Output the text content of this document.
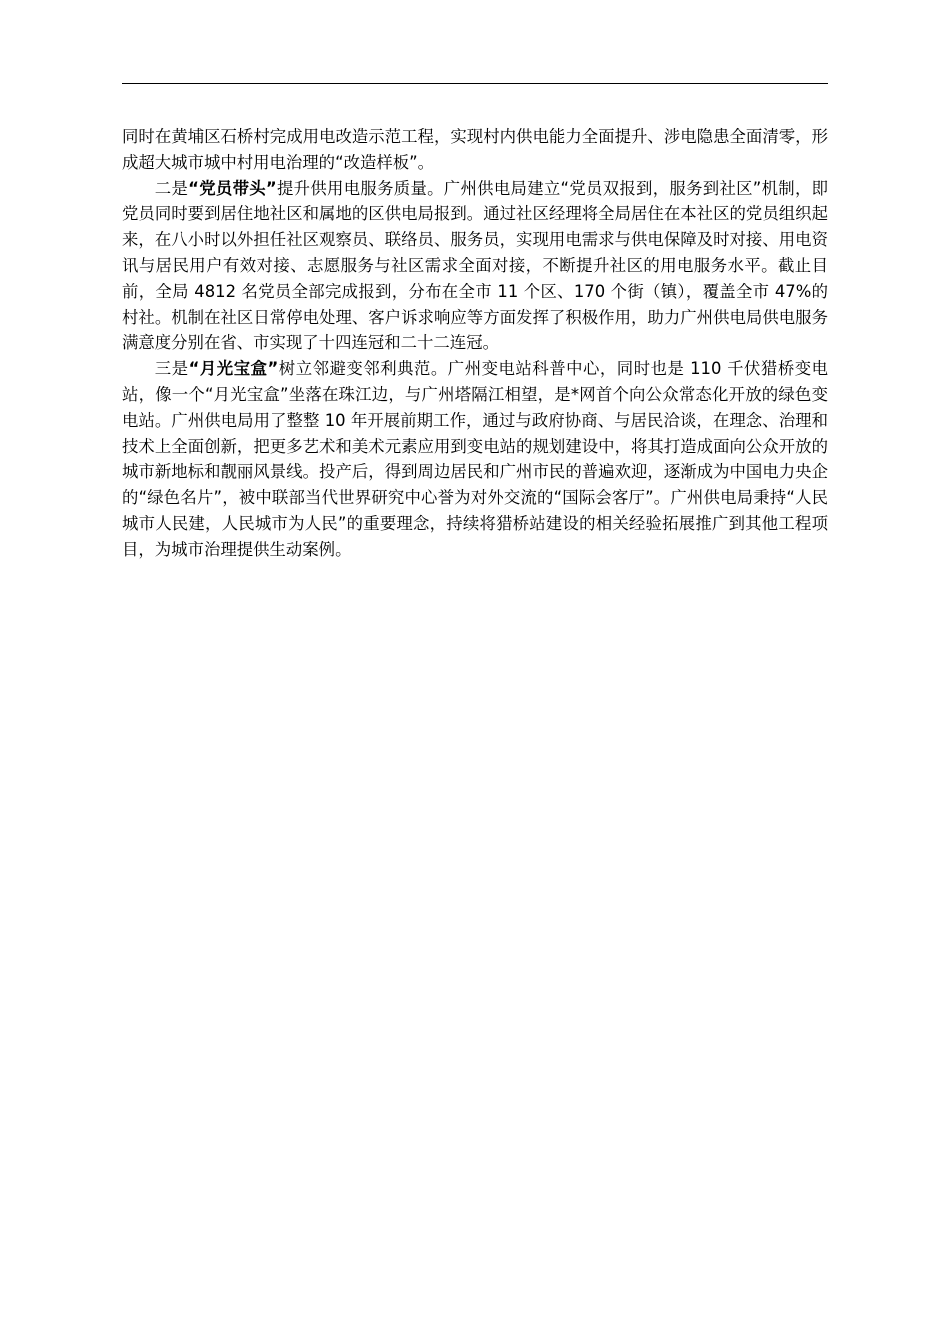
同时在黄埔区石桥村完成用电改造示范工程，实现村内供电能力全面提升、涉电隐患全面清零，形成超大城市城中村用电治理的“改造样板”。

二是“党员带头”提升供用电服务质量。广州供电局建立“党员双报到，服务到社区”机制，即党员同时要到居住地社区和属地的区供电局报到。通过社区经理将全局居住在本社区的党员组织起来，在八小时以外担任社区观察员、联络员、服务员，实现用电需求与供电保障及时对接、用电资讯与居民用户有效对接、志愿服务与社区需求全面对接，不断提升社区的用电服务水平。截止目前，全局 4812 名党员全部完成报到，分布在全市 11 个区、170 个街（镇），覆盖全市 47%的村社。机制在社区日常停电处理、客户诉求响应等方面发挥了积极作用，助力广州供电局供电服务满意度分别在省、市实现了十四连冠和二十二连冠。

三是“月光宝盒”树立邻避变邻利典范。广州变电站科普中心，同时也是 110 千伏猎桥变电站，像一个“月光宝盒”坐落在珠江边，与广州塔隔江相望，是*网首个向公众常态化开放的绿色变电站。广州供电局用了整整 10 年开展前期工作，通过与政府协商、与居民洽谈，在理念、治理和技术上全面创新，把更多艺术和美术元素应用到变电站的规划建设中，将其打造成面向公众开放的城市新地标和靓丽风景线。投产后，得到周边居民和广州市民的普遍欢迎，逐渐成为中国电力央企的“绿色名片”，被中联部当代世界研究中心誉为对外交流的“国际会客厅”。广州供电局秉持“人民城市人民建，人民城市为人民”的重要理念，持续将猎桥站建设的相关经验拓展推广到其他工程项目，为城市治理提供生动案例。
